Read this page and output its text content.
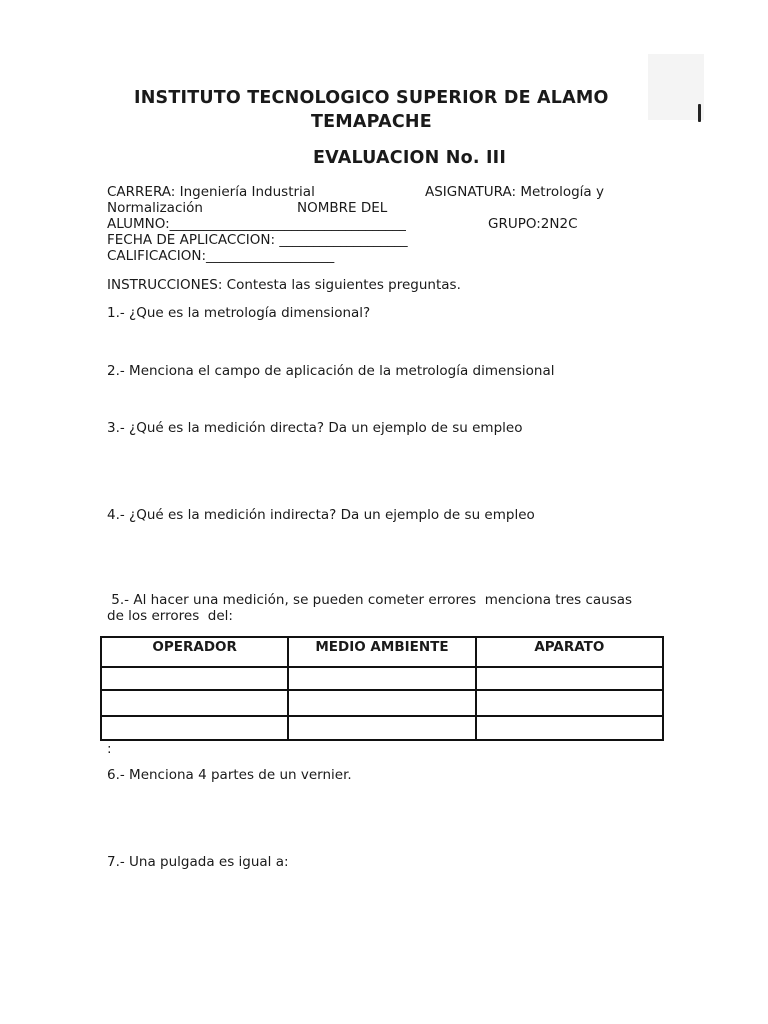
INSTITUTO TECNOLOGICO SUPERIOR DE ALAMO
TEMAPACHE
EVALUACION No. III
CARRERA: Ingeniería Industrial	ASIGNATURA: Metrología y
Normalización	NOMBRE DEL
ALUMNO:___________________________________	GRUPO:2N2C
FECHA DE APLICACCION: ___________________
CALIFICACION:___________________
INSTRUCCIONES: Contesta las siguientes preguntas.
1.- ¿Que es la metrología dimensional?
2.- Menciona el campo de aplicación de la metrología dimensional
3.- ¿Qué es la medición directa? Da un ejemplo de su empleo
4.- ¿Qué es la medición indirecta? Da un ejemplo de su empleo
5.- Al hacer una medición, se pueden cometer errores  menciona tres causas
de los errores  del:
OPERADOR	MEDIO AMBIENTE	APARATO

:
6.- Menciona 4 partes de un vernier.
7.- Una pulgada es igual a:
